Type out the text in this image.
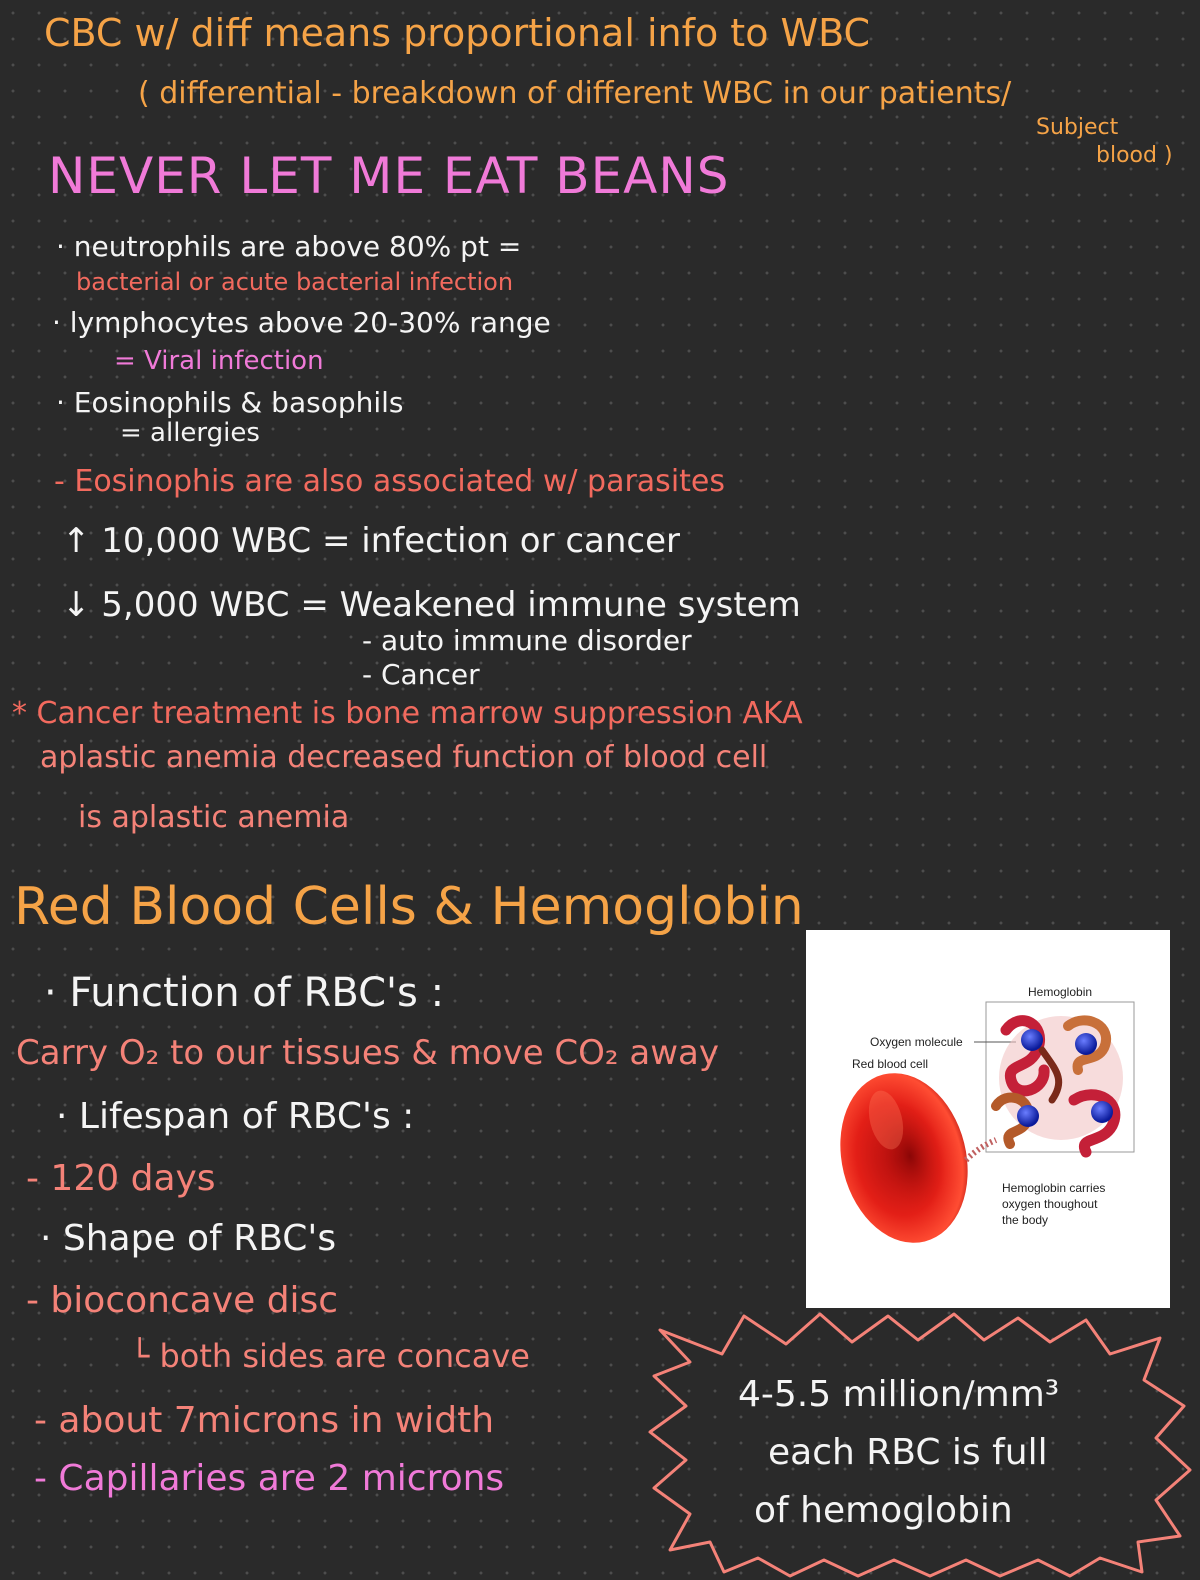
CBC w/ diff means proportional info to WBC
( differential - breakdown of different WBC in our patients/
Subject
blood )
NEVER LET ME EAT BEANS
· neutrophils are above 80% pt =
bacterial or acute bacterial infection
· lymphocytes above 20-30% range
= Viral infection
· Eosinophils & basophils
= allergies
- Eosinophis are also associated w/ parasites
↑ 10,000 WBC = infection or cancer
↓ 5,000 WBC = Weakened immune system
- auto immune disorder
- Cancer
* Cancer treatment is bone marrow suppression AKA
aplastic anemia decreased function of blood cell
is aplastic anemia
Red Blood Cells & Hemoglobin
· Function of RBC's :
Carry O₂ to our tissues & move CO₂ away
· Lifespan of RBC's :
- 120 days
· Shape of RBC's
- bioconcave disc
└ both sides are concave
- about 7microns in width
- Capillaries are 2 microns
Hemoglobin
Oxygen molecule
Red blood cell
Hemoglobin carries
oxygen thoughout
the body
4-5.5 million/mm³
each RBC is full
of hemoglobin
